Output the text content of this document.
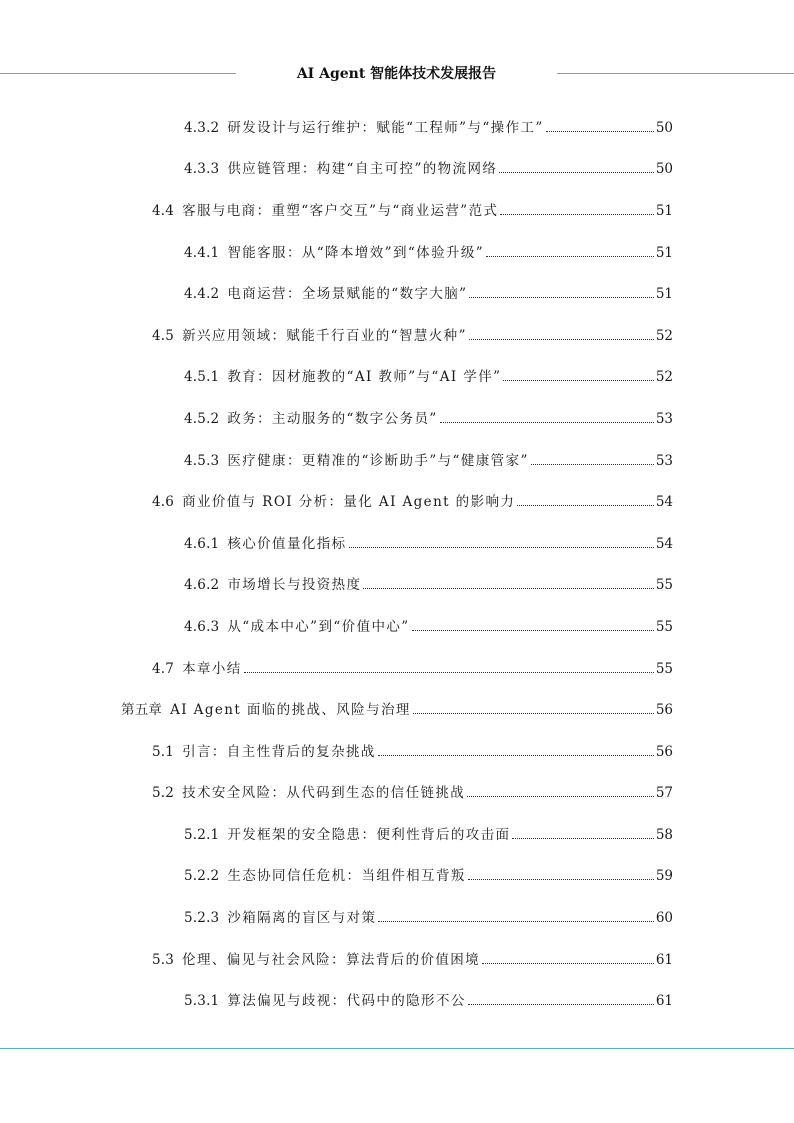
AI Agent 智能体技术发展报告
4.3.2 研发设计与运行维护：赋能“工程师”与“操作工”	50
4.3.3 供应链管理：构建“自主可控”的物流网络	50
4.4 客服与电商：重塑“客户交互”与“商业运营”范式	51
4.4.1 智能客服：从“降本增效”到“体验升级”	51
4.4.2 电商运营：全场景赋能的“数字大脑”	51
4.5 新兴应用领域：赋能千行百业的“智慧火种”	52
4.5.1 教育：因材施教的“AI 教师”与“AI 学伴”	52
4.5.2 政务：主动服务的“数字公务员”	53
4.5.3 医疗健康：更精准的“诊断助手”与“健康管家”	53
4.6 商业价值与 ROI 分析：量化 AI Agent 的影响力	54
4.6.1 核心价值量化指标	54
4.6.2 市场增长与投资热度	55
4.6.3 从“成本中心”到“价值中心”	55
4.7 本章小结	55
第五章 AI Agent 面临的挑战、风险与治理	56
5.1 引言：自主性背后的复杂挑战	56
5.2 技术安全风险：从代码到生态的信任链挑战	57
5.2.1 开发框架的安全隐患：便利性背后的攻击面	58
5.2.2 生态协同信任危机：当组件相互背叛	59
5.2.3 沙箱隔离的盲区与对策	60
5.3 伦理、偏见与社会风险：算法背后的价值困境	61
5.3.1 算法偏见与歧视：代码中的隐形不公	61
